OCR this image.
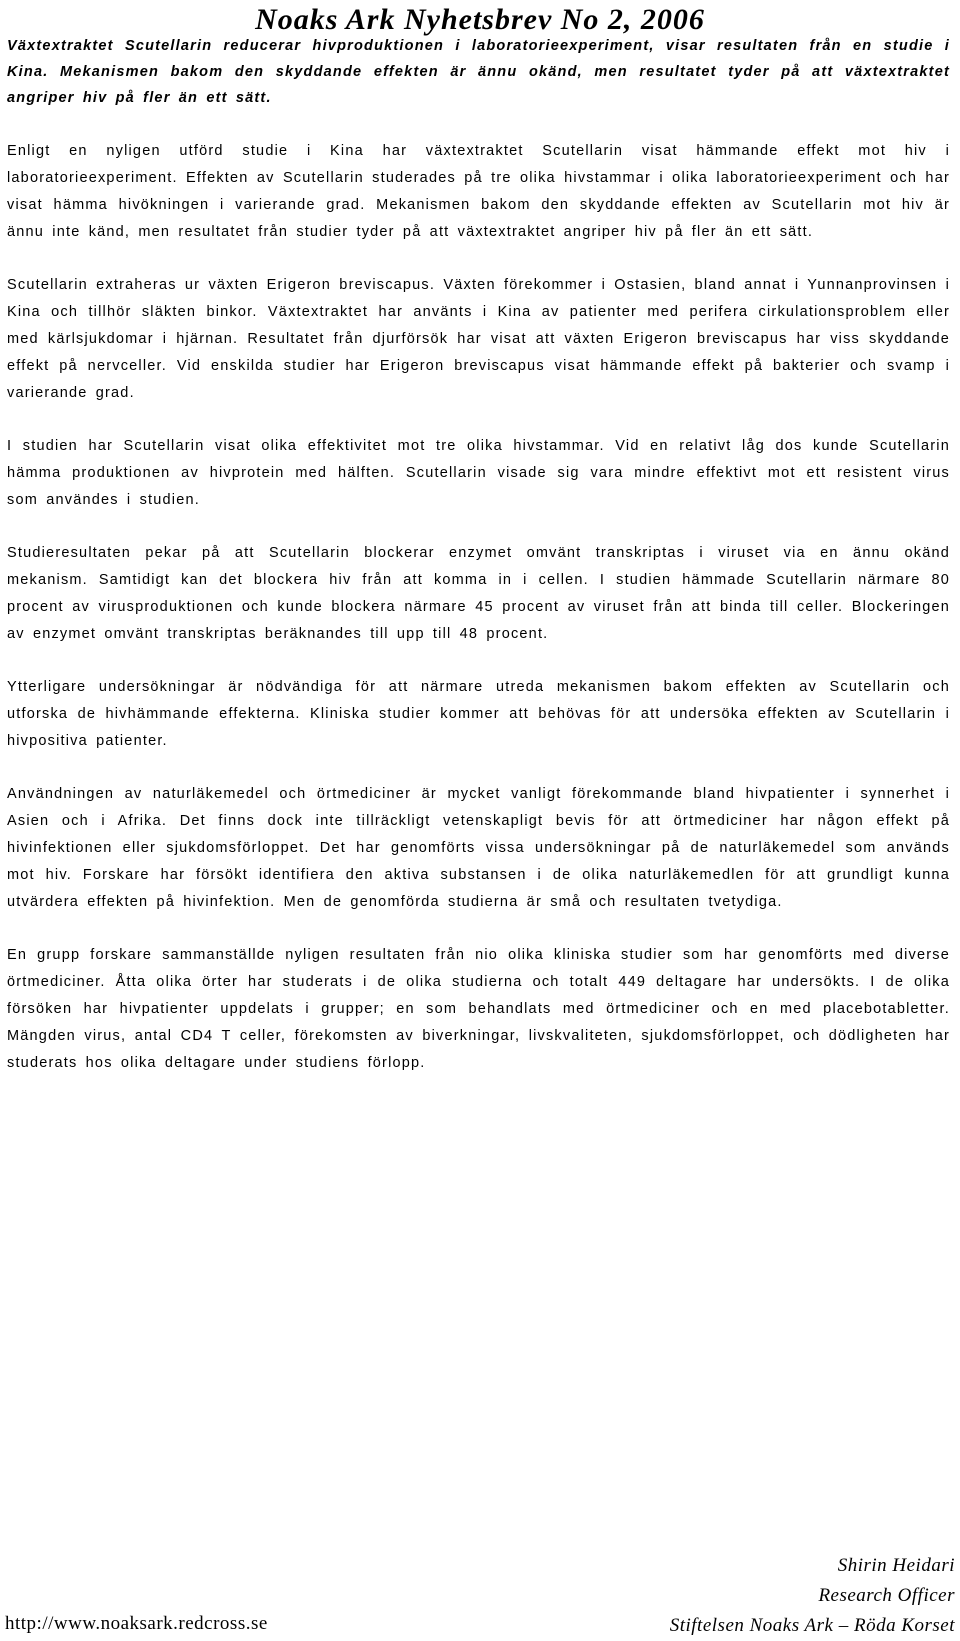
Noaks Ark Nyhetsbrev No 2, 2006

Växtextraktet Scutellarin reducerar hivproduktionen i laboratorieexperiment, visar resultaten från en studie i Kina. Mekanismen bakom den skyddande effekten är ännu okänd, men resultatet tyder på att växtextraktet angriper hiv på fler än ett sätt.

Enligt en nyligen utförd studie i Kina har växtextraktet Scutellarin visat hämmande effekt mot hiv i laboratorieexperiment. Effekten av Scutellarin studerades på tre olika hivstammar i olika laboratorieexperiment och har visat hämma hivökningen i varierande grad. Mekanismen bakom den skyddande effekten av Scutellarin mot hiv är ännu inte känd, men resultatet från studier tyder på att växtextraktet angriper hiv på fler än ett sätt.

Scutellarin extraheras ur växten Erigeron breviscapus. Växten förekommer i Ostasien, bland annat i Yunnanprovinsen i Kina och tillhör släkten binkor. Växtextraktet har använts i Kina av patienter med perifera cirkulationsproblem eller med kärlsjukdomar i hjärnan. Resultatet från djurförsök har visat att växten Erigeron breviscapus har viss skyddande effekt på nervceller. Vid enskilda studier har Erigeron breviscapus visat hämmande effekt på bakterier och svamp i varierande grad.

I studien har Scutellarin visat olika effektivitet mot tre olika hivstammar. Vid en relativt låg dos kunde Scutellarin hämma produktionen av hivprotein med hälften. Scutellarin visade sig vara mindre effektivt mot ett resistent virus som användes i studien.

Studieresultaten pekar på att Scutellarin blockerar enzymet omvänt transkriptas i viruset via en ännu okänd mekanism. Samtidigt kan det blockera hiv från att komma in i cellen. I studien hämmade Scutellarin närmare 80 procent av virusproduktionen och kunde blockera närmare 45 procent av viruset från att binda till celler. Blockeringen av enzymet omvänt transkriptas beräknandes till upp till 48 procent.

Ytterligare undersökningar är nödvändiga för att närmare utreda mekanismen bakom effekten av Scutellarin och utforska de hivhämmande effekterna. Kliniska studier kommer att behövas för att undersöka effekten av Scutellarin i hivpositiva patienter.

Användningen av naturläkemedel och örtmediciner är mycket vanligt förekommande bland hivpatienter i synnerhet i Asien och i Afrika. Det finns dock inte tillräckligt vetenskapligt bevis för att örtmediciner har någon effekt på hivinfektionen eller sjukdomsförloppet. Det har genomförts vissa undersökningar på de naturläkemedel som används mot hiv. Forskare har försökt identifiera den aktiva substansen i de olika naturläkemedlen för att grundligt kunna utvärdera effekten på hivinfektion. Men de genomförda studierna är små och resultaten tvetydiga.

En grupp forskare sammanställde nyligen resultaten från nio olika kliniska studier som har genomförts med diverse örtmediciner. Åtta olika örter har studerats i de olika studierna och totalt 449 deltagare har undersökts. I de olika försöken har hivpatienter uppdelats i grupper; en som behandlats med örtmediciner och en med placebotabletter. Mängden virus, antal CD4 T celler, förekomsten av biverkningar, livskvaliteten, sjukdomsförloppet, och dödligheten har studerats hos olika deltagare under studiens förlopp.

Shirin Heidari
Research Officer
Stiftelsen Noaks Ark – Röda Korset
http://www.noaksark.redcross.se
